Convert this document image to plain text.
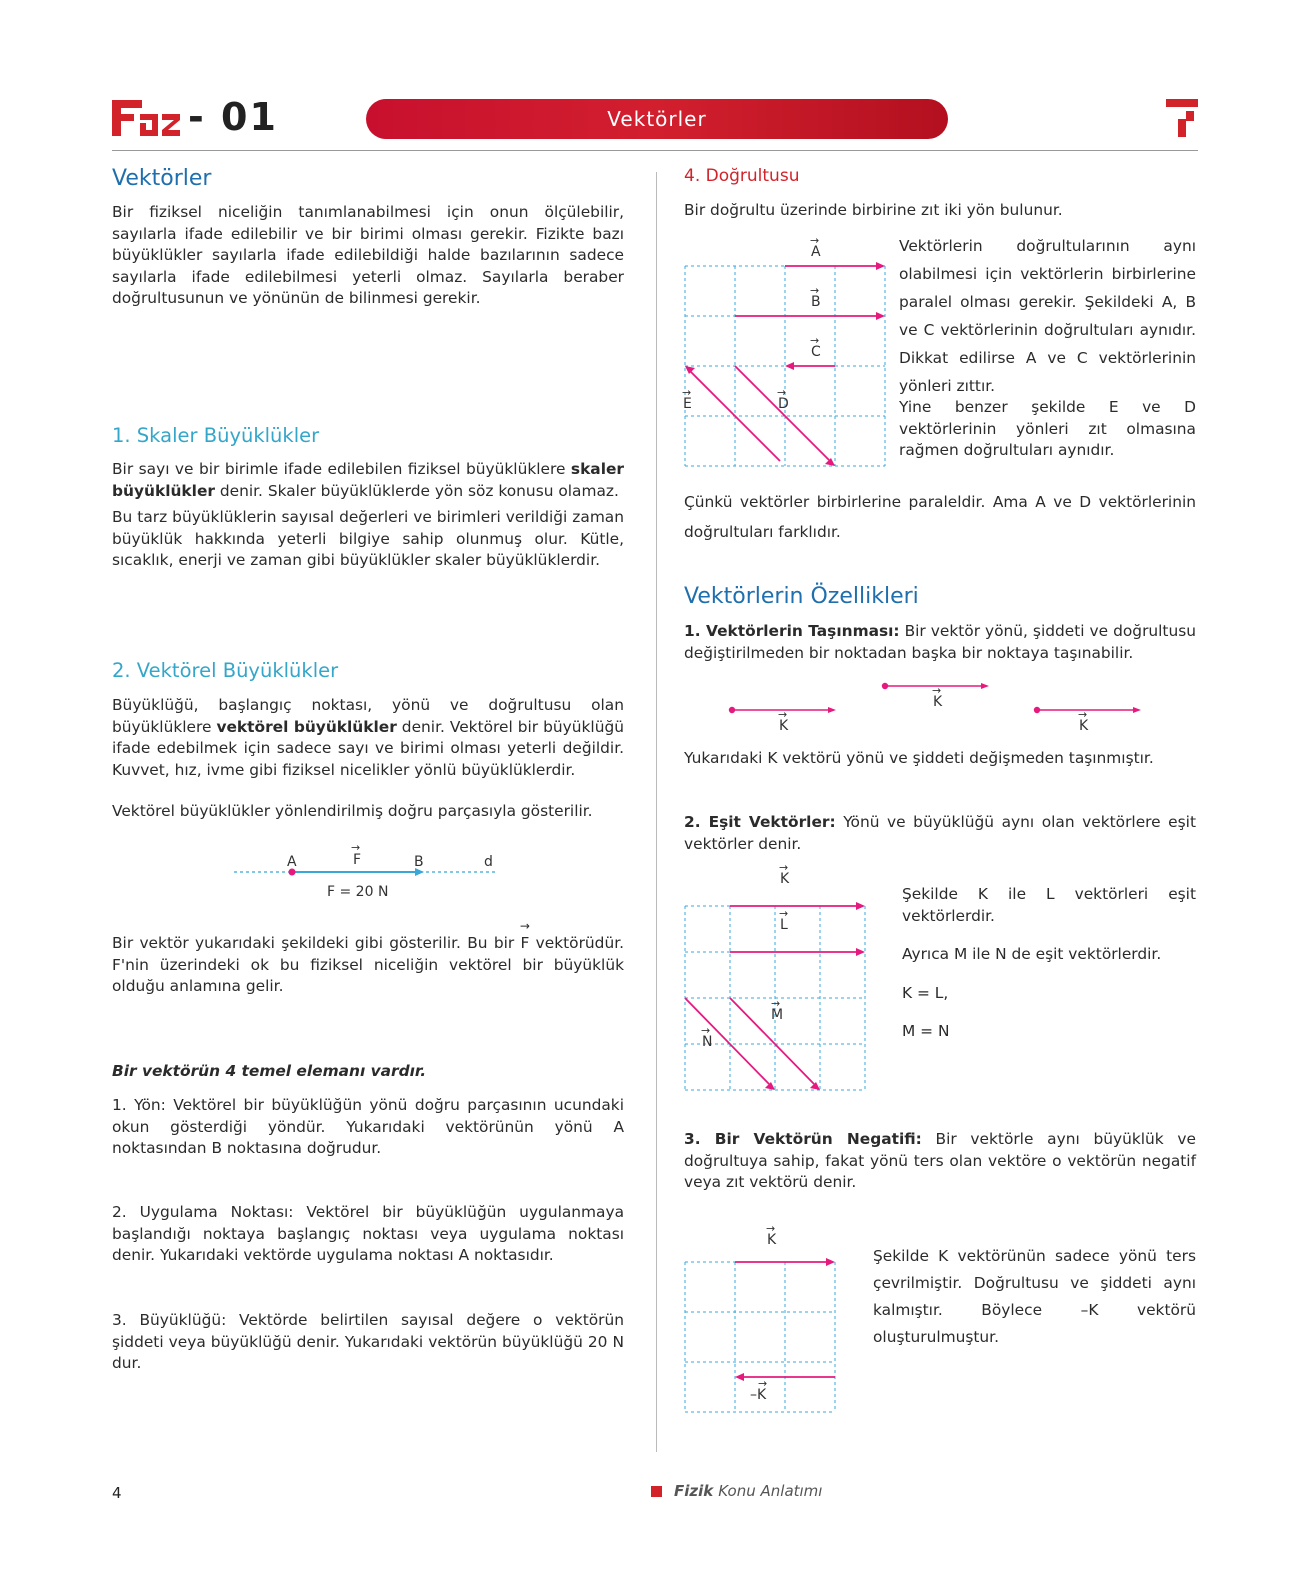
- 01	Vektörler
Vektörler
Bir fiziksel niceliğin tanımlanabilmesi için onun ölçülebilir, sayılarla ifade edilebilir ve bir birimi olması gerekir. Fizikte bazı büyüklükler sayılarla ifade edilebildiği halde bazılarının sadece sayılarla ifade edilebilmesi yeterli olmaz. Sayılarla beraber doğrultusunun ve yönünün de bilinmesi gerekir.
1. Skaler Büyüklükler
Bir sayı ve bir birimle ifade edilebilen fiziksel büyüklüklere skaler büyüklükler denir. Skaler büyüklüklerde yön söz konusu olamaz.
Bu tarz büyüklüklerin sayısal değerleri ve birimleri verildiği zaman büyüklük hakkında yeterli bilgiye sahip olunmuş olur. Kütle, sıcaklık, enerji ve zaman gibi büyüklükler skaler büyüklüklerdir.
2. Vektörel Büyüklükler
Büyüklüğü, başlangıç noktası, yönü ve doğrultusu olan büyüklüklere vektörel büyüklükler denir. Vektörel bir büyüklüğü ifade edebilmek için sadece sayı ve birimi olması yeterli değildir. Kuvvet, hız, ivme gibi fiziksel nicelikler yönlü büyüklüklerdir.
Vektörel büyüklükler yönlendirilmiş doğru parçasıyla gösterilir.
A	F
→
B	d
F = 20 N
Bir vektör yukarıdaki şekildeki gibi gösterilir. Bu bir → F vektörüdür. F'nin üzerindeki ok bu fiziksel niceliğin vektörel bir büyüklük olduğu anlamına gelir.
Bir vektörün 4 temel elemanı vardır.
1. Yön: Vektörel bir büyüklüğün yönü doğru parçasının ucundaki okun gösterdiği yöndür. Yukarıdaki vektörünün yönü A noktasından B noktasına doğrudur.
2. Uygulama Noktası: Vektörel bir büyüklüğün uygulanmaya başlandığı noktaya başlangıç noktası veya uygulama noktası denir. Yukarıdaki vektörde uygulama noktası A noktasıdır.
3. Büyüklüğü: Vektörde belirtilen sayısal değere o vektörün şiddeti veya büyüklüğü denir. Yukarıdaki vektörün büyüklüğü 20 N dur.
4. Doğrultusu
Bir doğrultu üzerinde birbirine zıt iki yön bulunur.
A
B
C
E	D
→
→
→
→	→
Vektörlerin doğrultularının aynı olabilmesi için vektörlerin birbirlerine paralel olması gerekir. Şekildeki A, B ve C vektörlerinin doğrultuları aynıdır. Dikkat edilirse A ve C vektörlerinin yönleri zıttır.
Yine benzer şekilde E ve D vektörlerinin yönleri zıt olmasına rağmen doğrultuları aynıdır.
Çünkü vektörler birbirlerine paraleldir. Ama A ve D vektörlerinin doğrultuları farklıdır.
Vektörlerin Özellikleri
1. Vektörlerin Taşınması: Bir vektör yönü, şiddeti ve doğrultusu değiştirilmeden bir noktadan başka bir noktaya taşınabilir.
K
K
K
→
→
→
Yukarıdaki K vektörü yönü ve şiddeti değişmeden taşınmıştır.
2. Eşit Vektörler: Yönü ve büyüklüğü aynı olan vektörlere eşit vektörler denir.
K
L
M
N
→
→
→
→
Şekilde K ile L vektörleri eşit vektörlerdir.
Ayrıca M ile N de eşit vektörlerdir.
K = L,
M = N
3. Bir Vektörün Negatifi: Bir vektörle aynı büyüklük ve doğrultuya sahip, fakat yönü ters olan vektöre o vektörün negatif veya zıt vektörü denir.
K
–K
→
→
Şekilde K vektörünün sadece yönü ters çevrilmiştir. Doğrultusu ve şiddeti aynı kalmıştır. Böylece –K vektörü oluşturulmuştur.
4	Fizik Konu Anlatımı
